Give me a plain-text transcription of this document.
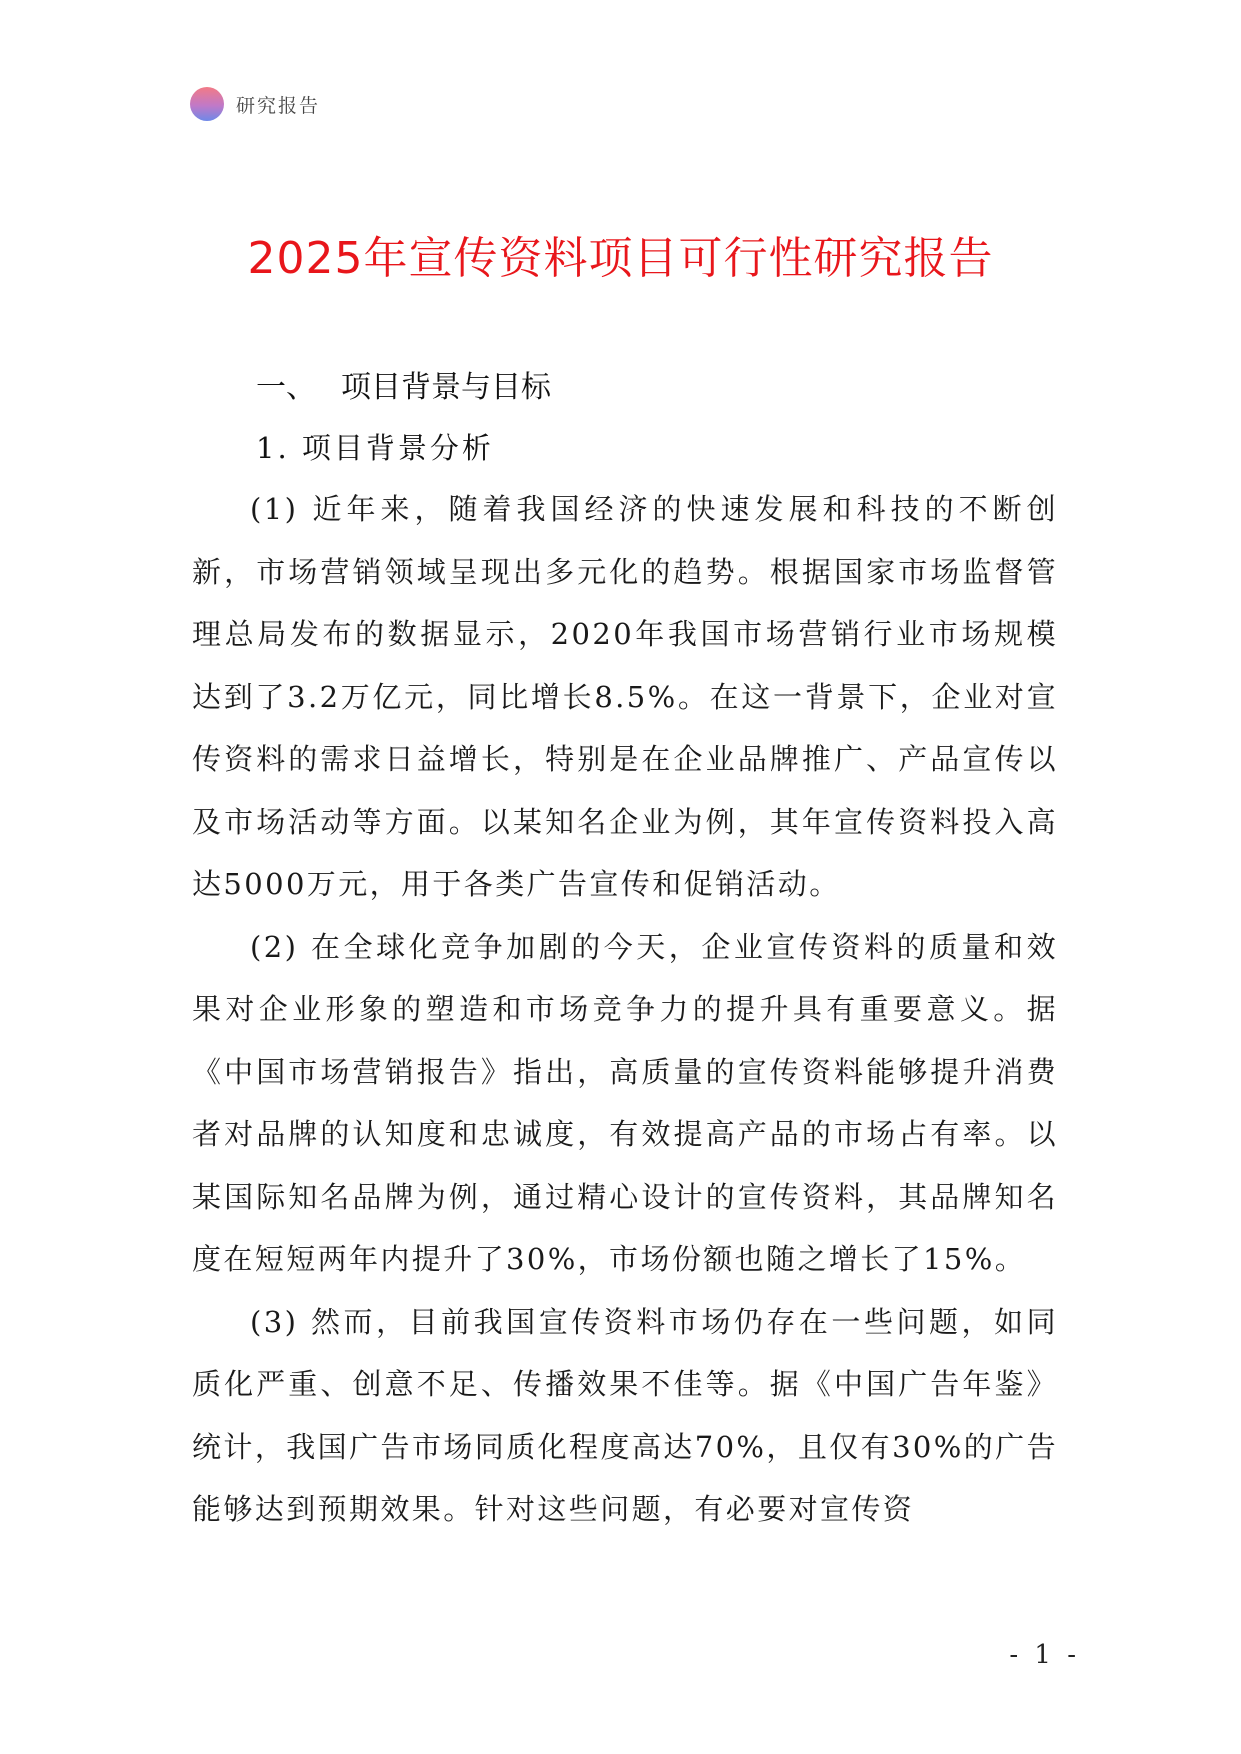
研究报告
2025年宣传资料项目可行性研究报告
一、 项目背景与目标
1. 项目背景分析

(1) 近年来，随着我国经济的快速发展和科技的不断创新，市场营销领域呈现出多元化的趋势。根据国家市场监督管理总局发布的数据显示，2020年我国市场营销行业市场规模达到了3.2万亿元，同比增长8.5%。在这一背景下，企业对宣传资料的需求日益增长，特别是在企业品牌推广、产品宣传以及市场活动等方面。以某知名企业为例，其年宣传资料投入高达5000万元，用于各类广告宣传和促销活动。

(2) 在全球化竞争加剧的今天，企业宣传资料的质量和效果对企业形象的塑造和市场竞争力的提升具有重要意义。据《中国市场营销报告》指出，高质量的宣传资料能够提升消费者对品牌的认知度和忠诚度，有效提高产品的市场占有率。以某国际知名品牌为例，通过精心设计的宣传资料，其品牌知名度在短短两年内提升了30%，市场份额也随之增长了15%。

(3) 然而，目前我国宣传资料市场仍存在一些问题，如同质化严重、创意不足、传播效果不佳等。据《中国广告年鉴》统计，我国广告市场同质化程度高达70%，且仅有30%的广告能够达到预期效果。针对这些问题，有必要对宣传资

- 1 -
